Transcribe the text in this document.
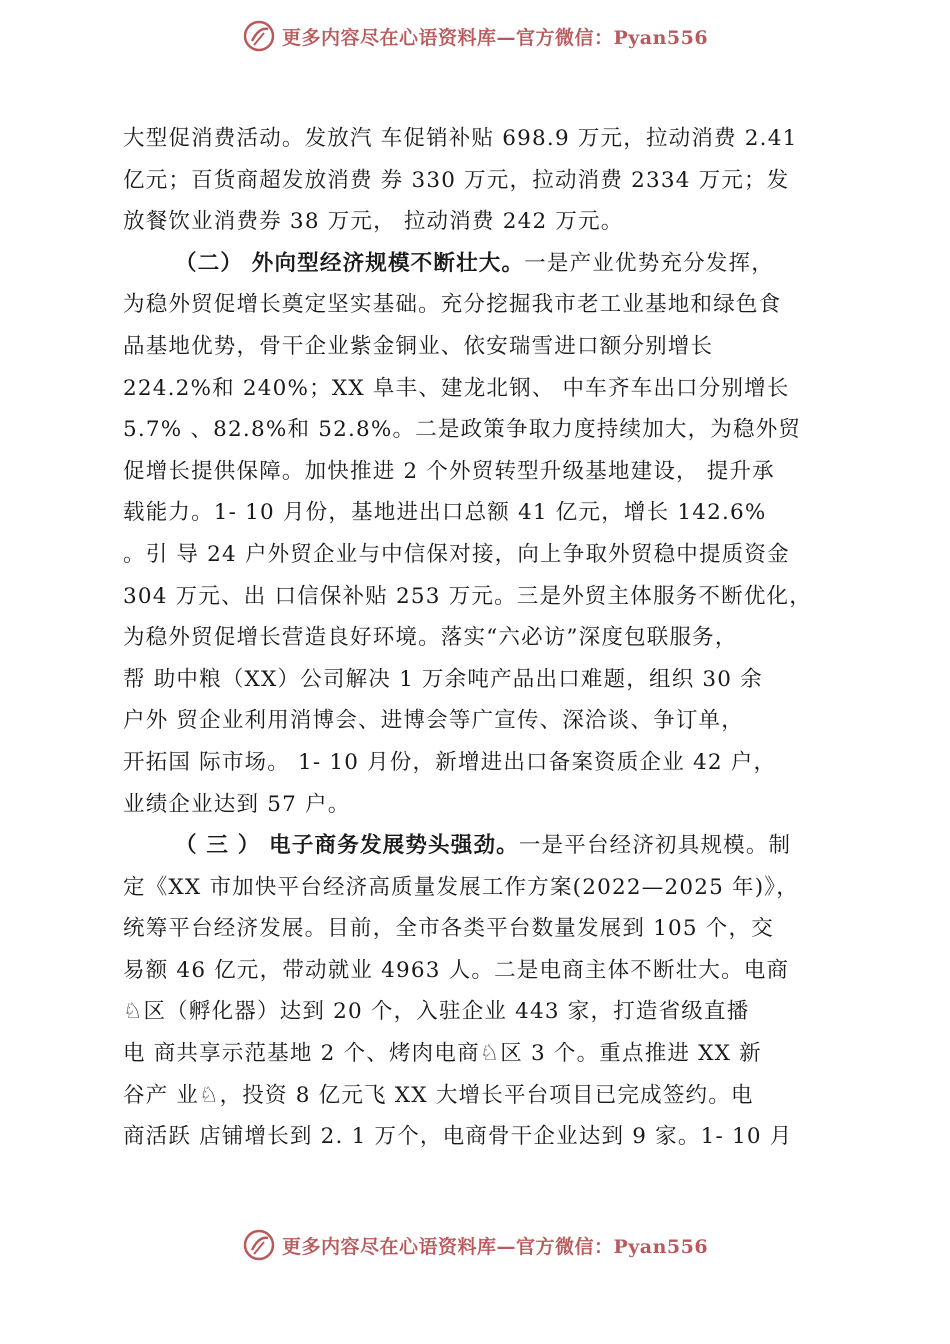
更多内容尽在心语资料库—官方微信：Pyan556
大型促消费活动。发放汽 车促销补贴 698.9 万元，拉动消费 2.41
亿元；百货商超发放消费 券 330 万元，拉动消费 2334 万元；发
放餐饮业消费券 38 万元， 拉动消费 242 万元。
（二） 外向型经济规模不断壮大。一是产业优势充分发挥，
为稳外贸促增长奠定坚实基础。充分挖掘我市老工业基地和绿色食
品基地优势，骨干企业紫金铜业、依安瑞雪进口额分别增长
224.2%和 240%；XX 阜丰、建龙北钢、 中车齐车出口分别增长
5.7% 、82.8%和 52.8%。二是政策争取力度持续加大，为稳外贸
促增长提供保障。加快推进 2 个外贸转型升级基地建设， 提升承
载能力。1- 10 月份，基地进出口总额 41 亿元，增长 142.6%
。引 导 24 户外贸企业与中信保对接，向上争取外贸稳中提质资金
304 万元、出 口信保补贴 253 万元。三是外贸主体服务不断优化，
为稳外贸促增长营造良好环境。落实“六必访”深度包联服务，
帮 助中粮（XX）公司解决 1 万余吨产品出口难题，组织 30 余
户外 贸企业利用消博会、进博会等广宣传、深洽谈、争订单，
开拓国 际市场。 1- 10 月份，新增进出口备案资质企业 42 户，
业绩企业达到 57 户。
（ 三 ） 电子商务发展势头强劲。一是平台经济初具规模。制
定《XX 市加快平台经济高质量发展工作方案(2022—2025 年)》，
统筹平台经济发展。目前，全市各类平台数量发展到 105 个，交
易额 46 亿元，带动就业 4963 人。二是电商主体不断壮大。电商
♘区（孵化器）达到 20 个，入驻企业 443 家，打造省级直播
电 商共享示范基地 2 个、烤肉电商♘区 3 个。重点推进 XX 新
谷产 业♘，投资 8 亿元飞 XX 大增长平台项目已完成签约。电
商活跃 店铺增长到 2. 1 万个，电商骨干企业达到 9 家。1- 10 月
更多内容尽在心语资料库—官方微信：Pyan556
